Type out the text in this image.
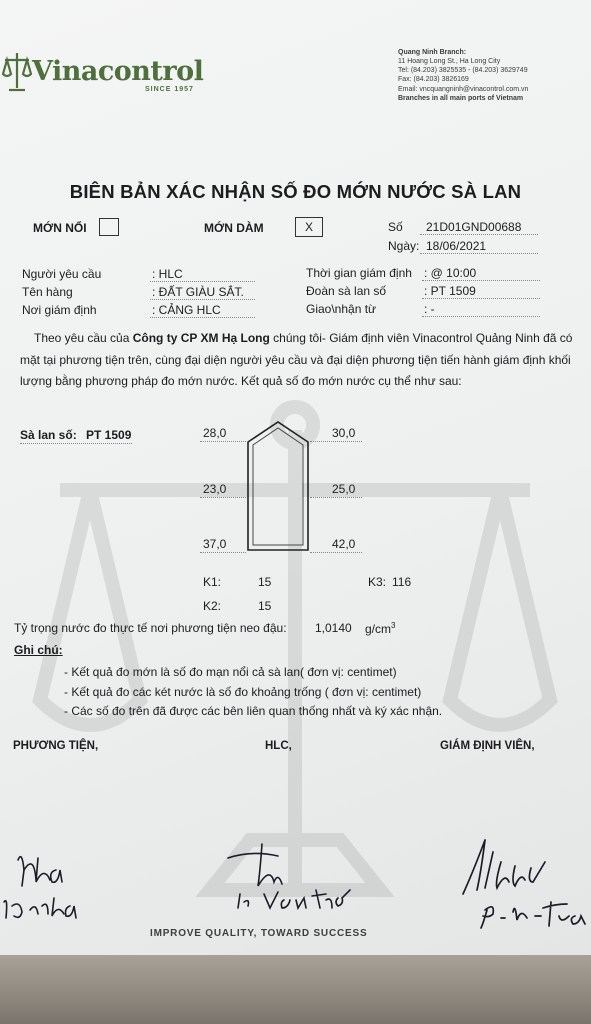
Vinacontrol
SINCE 1957
Quang Ninh Branch:
11 Hoang Long St., Ha Long City
Tel: (84.203) 3825535 - (84.203) 3629749
Fax: (84.203) 3826169
Email: vncquangninh@vinacontrol.com.vn
Branches in all main ports of Vietnam
BIÊN BẢN XÁC NHẬN SỐ ĐO MỚN NƯỚC SÀ LAN
MỚN NỔI	MỚN DÀM	X	Số 21D01GND00688
Ngày: 18/06/2021
Người yêu cầu	: HLC
Tên hàng	: ĐẤT GIÀU SẮT.
Nơi giám định	: CẢNG HLC
Thời gian giám định : @ 10:00
Đoàn sà lan số	: PT 1509
Giao\nhận từ	: -
Theo yêu cầu của Công ty CP XM Hạ Long chúng tôi- Giám định viên Vinacontrol Quảng Ninh đã có mặt tại phương tiện trên, cùng đại diện người yêu cầu và đại diện phương tiện tiến hành giám định khối lượng bằng phương pháp đo mớn nước. Kết quả số đo mớn nước cụ thể như sau:
Sà lan số: PT 1509	28,0	30,0
23,0	25,0
37,0	42,0
K1:	15	K3: 116
K2:	15
Tỷ trọng nước đo thực tế nơi phương tiện neo đậu: 1,0140 $g/cm^3$
Ghi chú:
- Kết quả đo mớn là số đo mạn nổi cả sà lan( đơn vị: centimet)
- Kết quả đo các két nước là số đo khoảng trống ( đơn vị: centimet)
- Các số đo trên đã được các bên liên quan thống nhất và ký xác nhận.
PHƯƠNG TIỆN,	HLC,	GIÁM ĐỊNH VIÊN,
IMPROVE QUALITY, TOWARD SUCCESS
